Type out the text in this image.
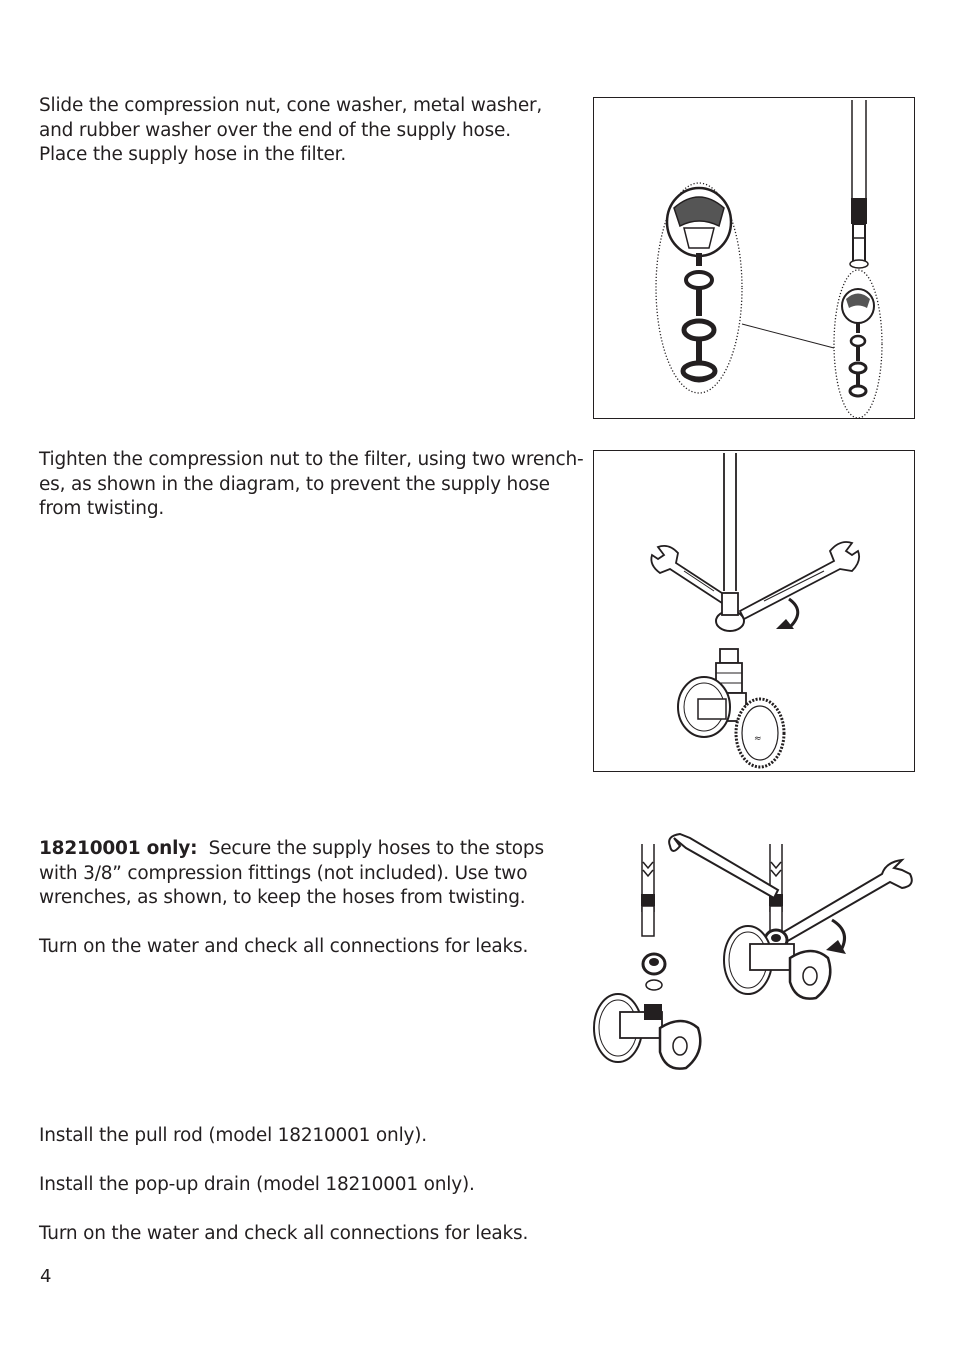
Slide the compression nut, cone washer, metal washer,

and rubber washer over the end of the supply hose.

Place the supply hose in the filter.

Tighten the compression nut to the filter, using two wrench-

es, as shown in the diagram, to prevent the supply hose

from twisting.

≈

18210001 only:  Secure the supply hoses to the stops

with 3/8” compression fittings (not included). Use two

wrenches, as shown, to keep the hoses from twisting.

Turn on the water and check all connections for leaks.

Install the pull rod (model 18210001 only).

Install the pop-up drain (model 18210001 only).

Turn on the water and check all connections for leaks.

4
